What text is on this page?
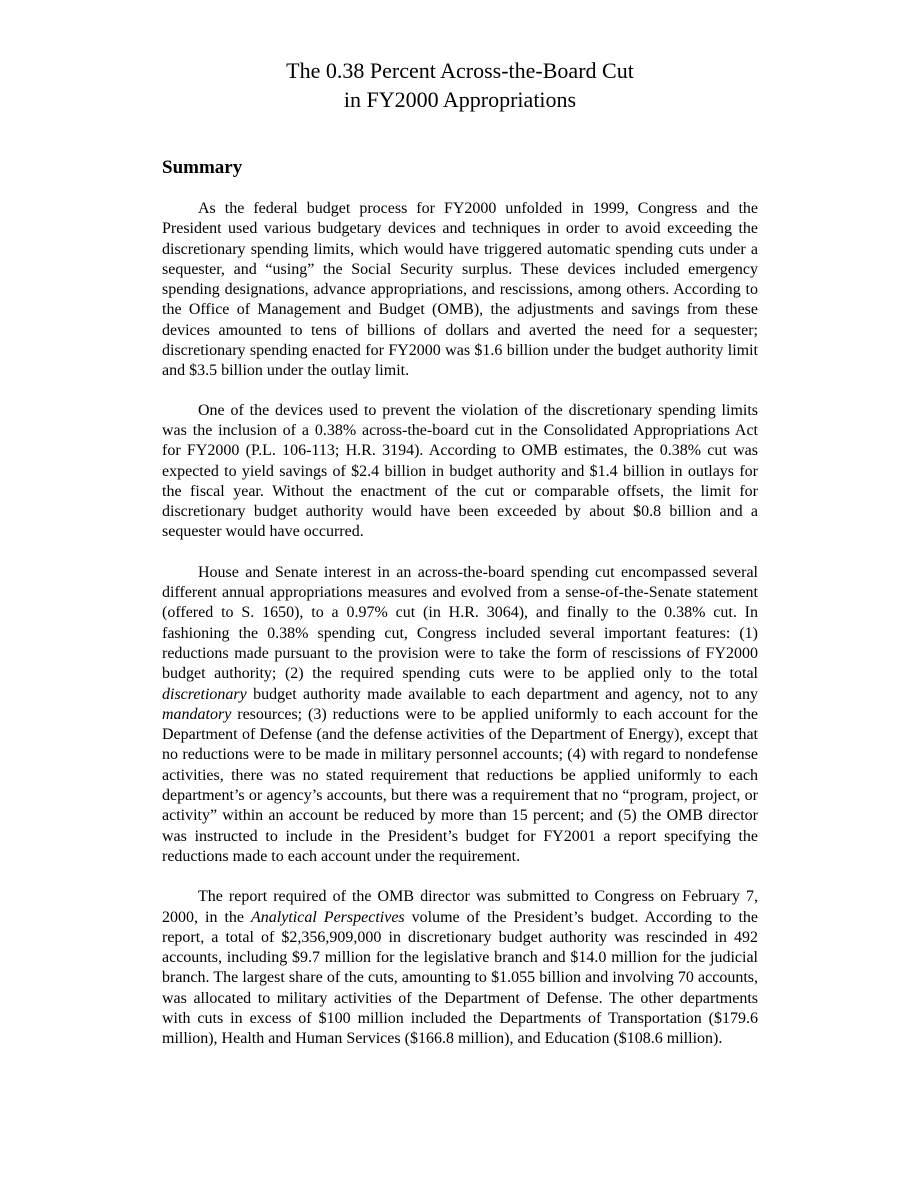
The 0.38 Percent Across-the-Board Cut
in FY2000 Appropriations
Summary

As the federal budget process for FY2000 unfolded in 1999, Congress and the President used various budgetary devices and techniques in order to avoid exceeding the discretionary spending limits, which would have triggered automatic spending cuts under a sequester, and “using” the Social Security surplus. These devices included emergency spending designations, advance appropriations, and rescissions, among others. According to the Office of Management and Budget (OMB), the adjustments and savings from these devices amounted to tens of billions of dollars and averted the need for a sequester; discretionary spending enacted for FY2000 was $1.6 billion under the budget authority limit and $3.5 billion under the outlay limit.

One of the devices used to prevent the violation of the discretionary spending limits was the inclusion of a 0.38% across-the-board cut in the Consolidated Appropriations Act for FY2000 (P.L. 106-113; H.R. 3194). According to OMB estimates, the 0.38% cut was expected to yield savings of $2.4 billion in budget authority and $1.4 billion in outlays for the fiscal year. Without the enactment of the cut or comparable offsets, the limit for discretionary budget authority would have been exceeded by about $0.8 billion and a sequester would have occurred.

House and Senate interest in an across-the-board spending cut encompassed several different annual appropriations measures and evolved from a sense-of-the-Senate statement (offered to S. 1650), to a 0.97% cut (in H.R. 3064), and finally to the 0.38% cut. In fashioning the 0.38% spending cut, Congress included several important features: (1) reductions made pursuant to the provision were to take the form of rescissions of FY2000 budget authority; (2) the required spending cuts were to be applied only to the total discretionary budget authority made available to each department and agency, not to any mandatory resources; (3) reductions were to be applied uniformly to each account for the Department of Defense (and the defense activities of the Department of Energy), except that no reductions were to be made in military personnel accounts; (4) with regard to nondefense activities, there was no stated requirement that reductions be applied uniformly to each department’s or agency’s accounts, but there was a requirement that no “program, project, or activity” within an account be reduced by more than 15 percent; and (5) the OMB director was instructed to include in the President’s budget for FY2001 a report specifying the reductions made to each account under the requirement.

The report required of the OMB director was submitted to Congress on February 7, 2000, in the Analytical Perspectives volume of the President’s budget. According to the report, a total of $2,356,909,000 in discretionary budget authority was rescinded in 492 accounts, including $9.7 million for the legislative branch and $14.0 million for the judicial branch. The largest share of the cuts, amounting to $1.055 billion and involving 70 accounts, was allocated to military activities of the Department of Defense. The other departments with cuts in excess of $100 million included the Departments of Transportation ($179.6 million), Health and Human Services ($166.8 million), and Education ($108.6 million).
